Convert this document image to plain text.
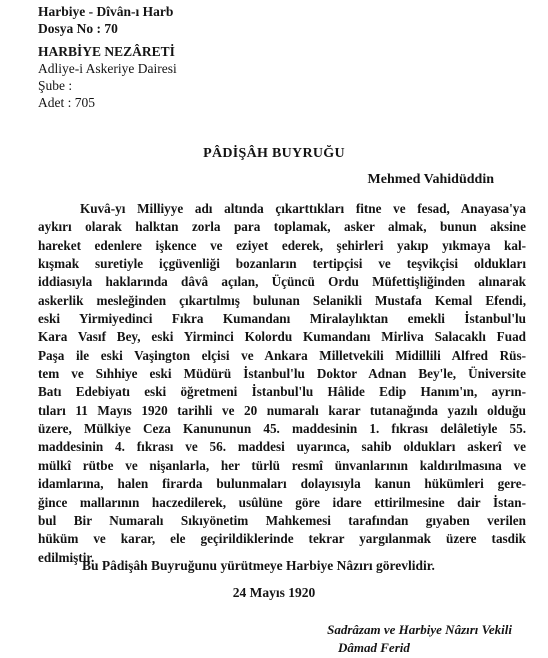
Harbiye - Dîvân-ı Harb
Dosya No : 70
HARBİYE NEZÂRETİ
Adliye-i Askeriye Dairesi
Şube :
Adet : 705
PÂDİŞÂH BUYRUĞU
Mehmed Vahidüddin
Kuvâ-yı Milliyye adı altında çıkarttıkları fitne ve fesad, Anayasa'ya
aykırı olarak halktan zorla para toplamak, asker almak, bunun aksine
hareket edenlere işkence ve eziyet ederek, şehirleri yakıp yıkmaya kal-
kışmak suretiyle içgüvenliği bozanların tertipçisi ve teşvikçisi oldukları
iddiasıyla haklarında dâvâ açılan, Üçüncü Ordu Müfettişliğinden alınarak
askerlik mesleğinden çıkartılmış bulunan Selanikli Mustafa Kemal Efendi,
eski Yirmiyedinci Fıkra Kumandanı Miralaylıktan emekli İstanbul'lu
Kara Vasıf Bey, eski Yirminci Kolordu Kumandanı Mirliva Salacaklı Fuad
Paşa ile eski Vaşington elçisi ve Ankara Milletvekili Midillili Alfred Rüs-
tem ve Sıhhiye eski Müdürü İstanbul'lu Doktor Adnan Bey'le, Üniversite
Batı Edebiyatı eski öğretmeni İstanbul'lu Hâlide Edip Hanım'ın, ayrın-
tıları 11 Mayıs 1920 tarihli ve 20 numaralı karar tutanağında yazılı olduğu
üzere, Mülkiye Ceza Kanununun 45. maddesinin 1. fıkrası delâletiyle 55.
maddesinin 4. fıkrası ve 56. maddesi uyarınca, sahib oldukları askerî ve
mülkî rütbe ve nişanlarla, her türlü resmî ünvanlarının kaldırılmasına ve
idamlarına, halen firarda bulunmaları dolayısıyla kanun hükümleri gere-
ğince mallarının haczedilerek, usûlüne göre idare ettirilmesine dair İstan-
bul Bir Numaralı Sıkıyönetim Mahkemesi tarafından gıyaben verilen
hüküm ve karar, ele geçirildiklerinde tekrar yargılanmak üzere tasdik
edilmiştir.
Bu Pâdişâh Buyruğunu yürütmeye Harbiye Nâzırı görevlidir.
24 Mayıs 1920
Sadrâzam ve Harbiye Nâzırı Vekili
Dâmad Ferid
